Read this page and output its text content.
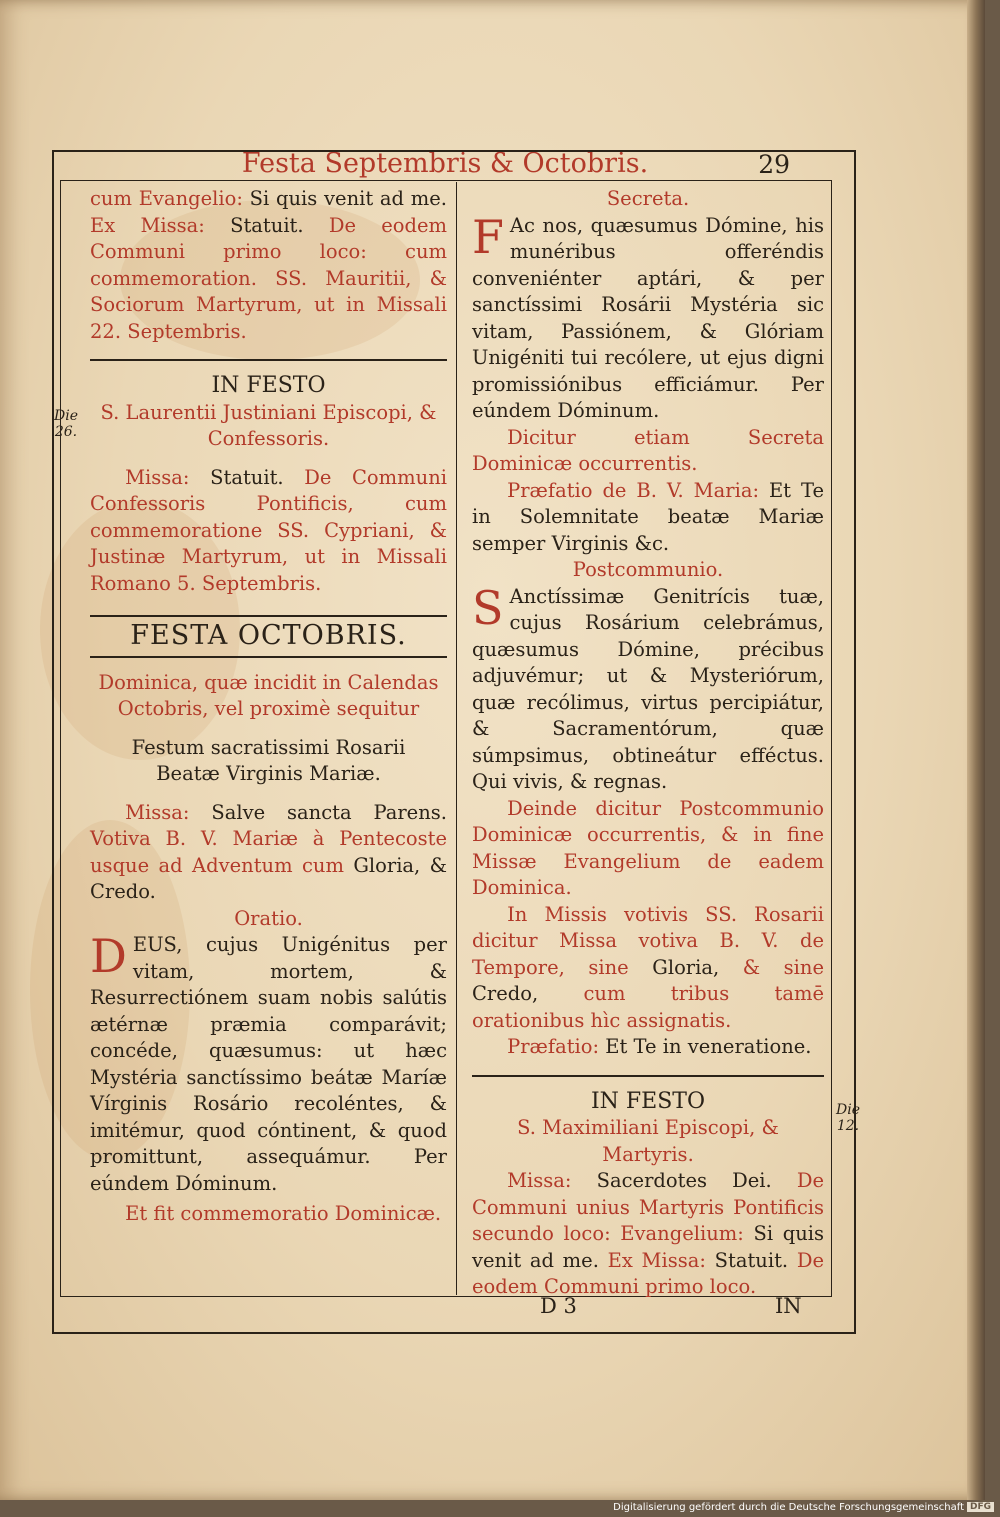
Festa Septembris & Octobris.	29
Die
26.
Die
12.

cum Evangelio: Si quis venit ad me. Ex Missa: Statuit. De eodem Communi primo loco: cum commemoration. SS. Mauritii, & Sociorum Martyrum, ut in Missali 22. Septembris.

IN FESTO

S. Laurentii Justiniani Episcopi, & Confessoris.

Missa: Statuit. De Communi Confessoris Pontificis, cum commemoratione SS. Cypriani, & Justinæ Martyrum, ut in Missali Romano 5. Septembris.

FESTA OCTOBRIS.

Dominica, quæ incidit in Calendas Octobris, vel proximè sequitur

Festum sacratissimi Rosarii Beatæ Virginis Mariæ.

Missa: Salve sancta Parens. Votiva B. V. Mariæ à Pentecoste usque ad Adventum cum Gloria, & Credo.

Oratio.

DEUS, cujus Unigénitus per vitam, mortem, & Resurrectiónem suam nobis salútis ætérnæ præmia comparávit; concéde, quæsumus: ut hæc Mystéria sanctíssimo beátæ Maríæ Vírginis Rosário recoléntes, & imitémur, quod cóntinent, & quod promittunt, assequámur. Per eúndem Dóminum.

Et fit commemoratio Dominicæ.

Secreta.

F Ac nos, quæsumus Dómine, his munéribus offeréndis conveniénter aptári, & per sanctíssimi Rosárii Mystéria sic vitam, Passiónem, & Glóriam Unigéniti tui recólere, ut ejus digni promissiónibus efficiámur. Per eúndem Dóminum.

Dicitur etiam Secreta Dominicæ occurrentis.

Præfatio de B. V. Maria: Et Te in Solemnitate beatæ Mariæ semper Virginis &c.

Postcommunio.

S Anctíssimæ Genitrícis tuæ, cujus Rosárium celebrámus, quæsumus Dómine, précibus adjuvémur; ut & Mysteriórum, quæ recólimus, virtus percipiátur, & Sacramentórum, quæ súmpsimus, obtineátur efféctus. Qui vivis, & regnas.

Deinde dicitur Postcommunio Dominicæ occurrentis, & in fine Missæ Evangelium de eadem Dominica.

In Missis votivis SS. Rosarii dicitur Missa votiva B. V. de Tempore, sine Gloria, & sine Credo, cum tribus tamē orationibus hìc assignatis.

Præfatio: Et Te in veneratione.

IN FESTO

S. Maximiliani Episcopi, & Martyris.

Missa: Sacerdotes Dei. De Communi unius Martyris Pontificis secundo loco: Evangelium: Si quis venit ad me. Ex Missa: Statuit. De eodem Communi primo loco.

D 3	IN
Digitalisierung gefördert durch die Deutsche Forschungsgemeinschaft DFG
